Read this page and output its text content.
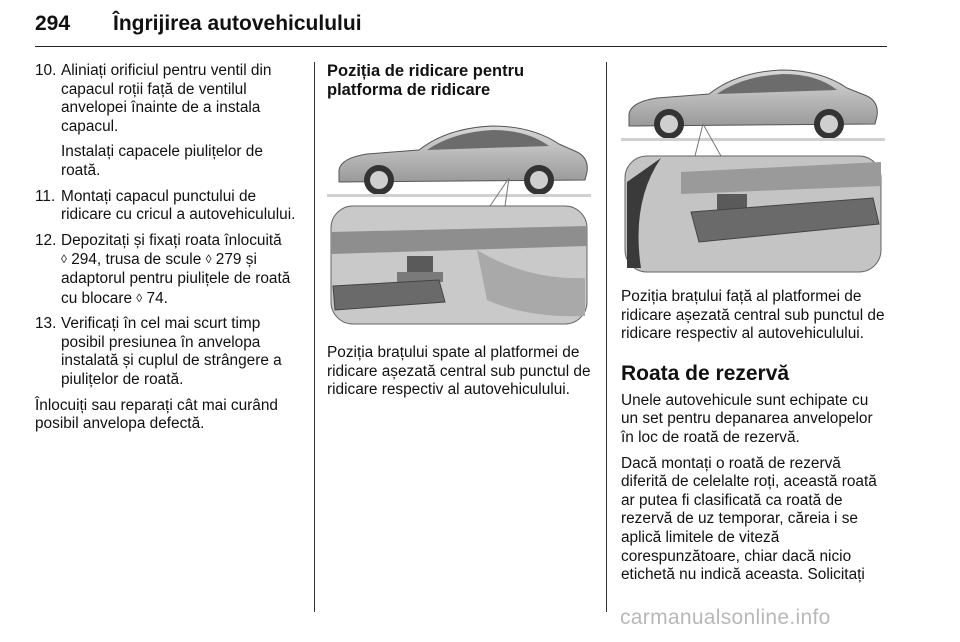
294 Îngrijirea autovehiculului
10. Aliniați orificiul pentru ventil din capacul roții față de ventilul anvelopei înainte de a instala capacul.
Instalați capacele piulițelor de roată.
11. Montați capacul punctului de ridicare cu cricul a autovehiculului.
12. Depozitați și fixați roata înlocuită ◊ 294, trusa de scule ◊ 279 și adaptorul pentru piulițele de roată cu blocare ◊ 74.
13. Verificați în cel mai scurt timp posibil presiunea în anvelopa instalată și cuplul de strângere a piulițelor de roată.

Înlocuiți sau reparați cât mai curând posibil anvelopa defectă.

Poziția de ridicare pentru platforma de ridicare

Poziția brațului spate al platformei de ridicare așezată central sub punctul de ridicare respectiv al autovehiculului.

Poziția brațului față al platformei de ridicare așezată central sub punctul de ridicare respectiv al autovehiculului.

Roata de rezervă

Unele autovehicule sunt echipate cu un set pentru depanarea anvelopelor în loc de roată de rezervă.

Dacă montați o roată de rezervă diferită de celelalte roți, această roată ar putea fi clasificată ca roată de rezervă de uz temporar, căreia i se aplică limitele de viteză corespunzătoare, chiar dacă nicio etichetă nu indică aceasta. Solicitați

carmanualsonline.info
